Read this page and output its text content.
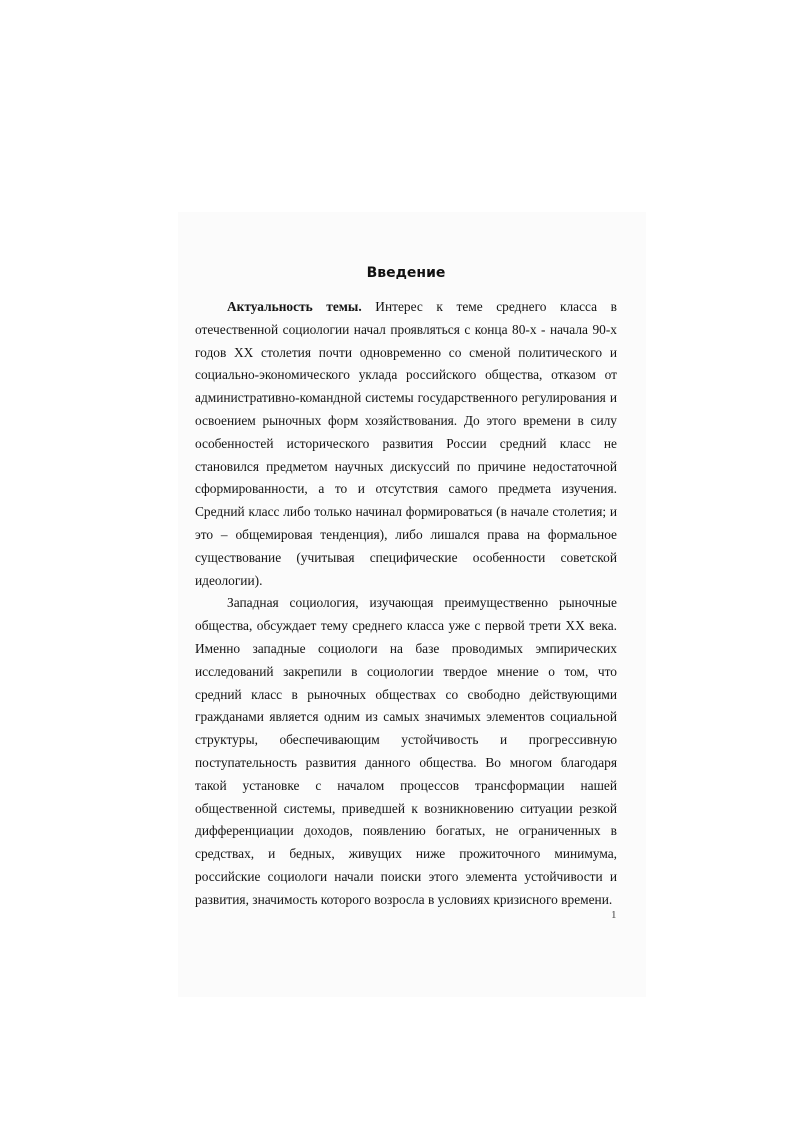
Введение

Актуальность темы. Интерес к теме среднего класса в отечественной социологии начал проявляться с конца 80-х - начала 90-х годов XX столетия почти одновременно со сменой политического и социально-экономического уклада российского общества, отказом от административно-командной системы государственного регулирования и освоением рыночных форм хозяйствования. До этого времени в силу особенностей исторического развития России средний класс не становился предметом научных дискуссий по причине недостаточной сформированности, а то и отсутствия самого предмета изучения. Средний класс либо только начинал формироваться (в начале столетия; и это – общемировая тенденция), либо лишался права на формальное существование (учитывая специфические особенности советской идеологии).

Западная социология, изучающая преимущественно рыночные общества, обсуждает тему среднего класса уже с первой трети XX века. Именно западные социологи на базе проводимых эмпирических исследований закрепили в социологии твердое мнение о том, что средний класс в рыночных обществах со свободно действующими гражданами является одним из самых значимых элементов социальной структуры, обеспечивающим устойчивость и прогрессивную поступательность развития данного общества. Во многом благодаря такой установке с началом процессов трансформации нашей общественной системы, приведшей к возникновению ситуации резкой дифференциации доходов, появлению богатых, не ограниченных в средствах, и бедных, живущих ниже прожиточного минимума, российские социологи начали поиски этого элемента устойчивости и развития, значимость которого возросла в условиях кризисного времени.

1
